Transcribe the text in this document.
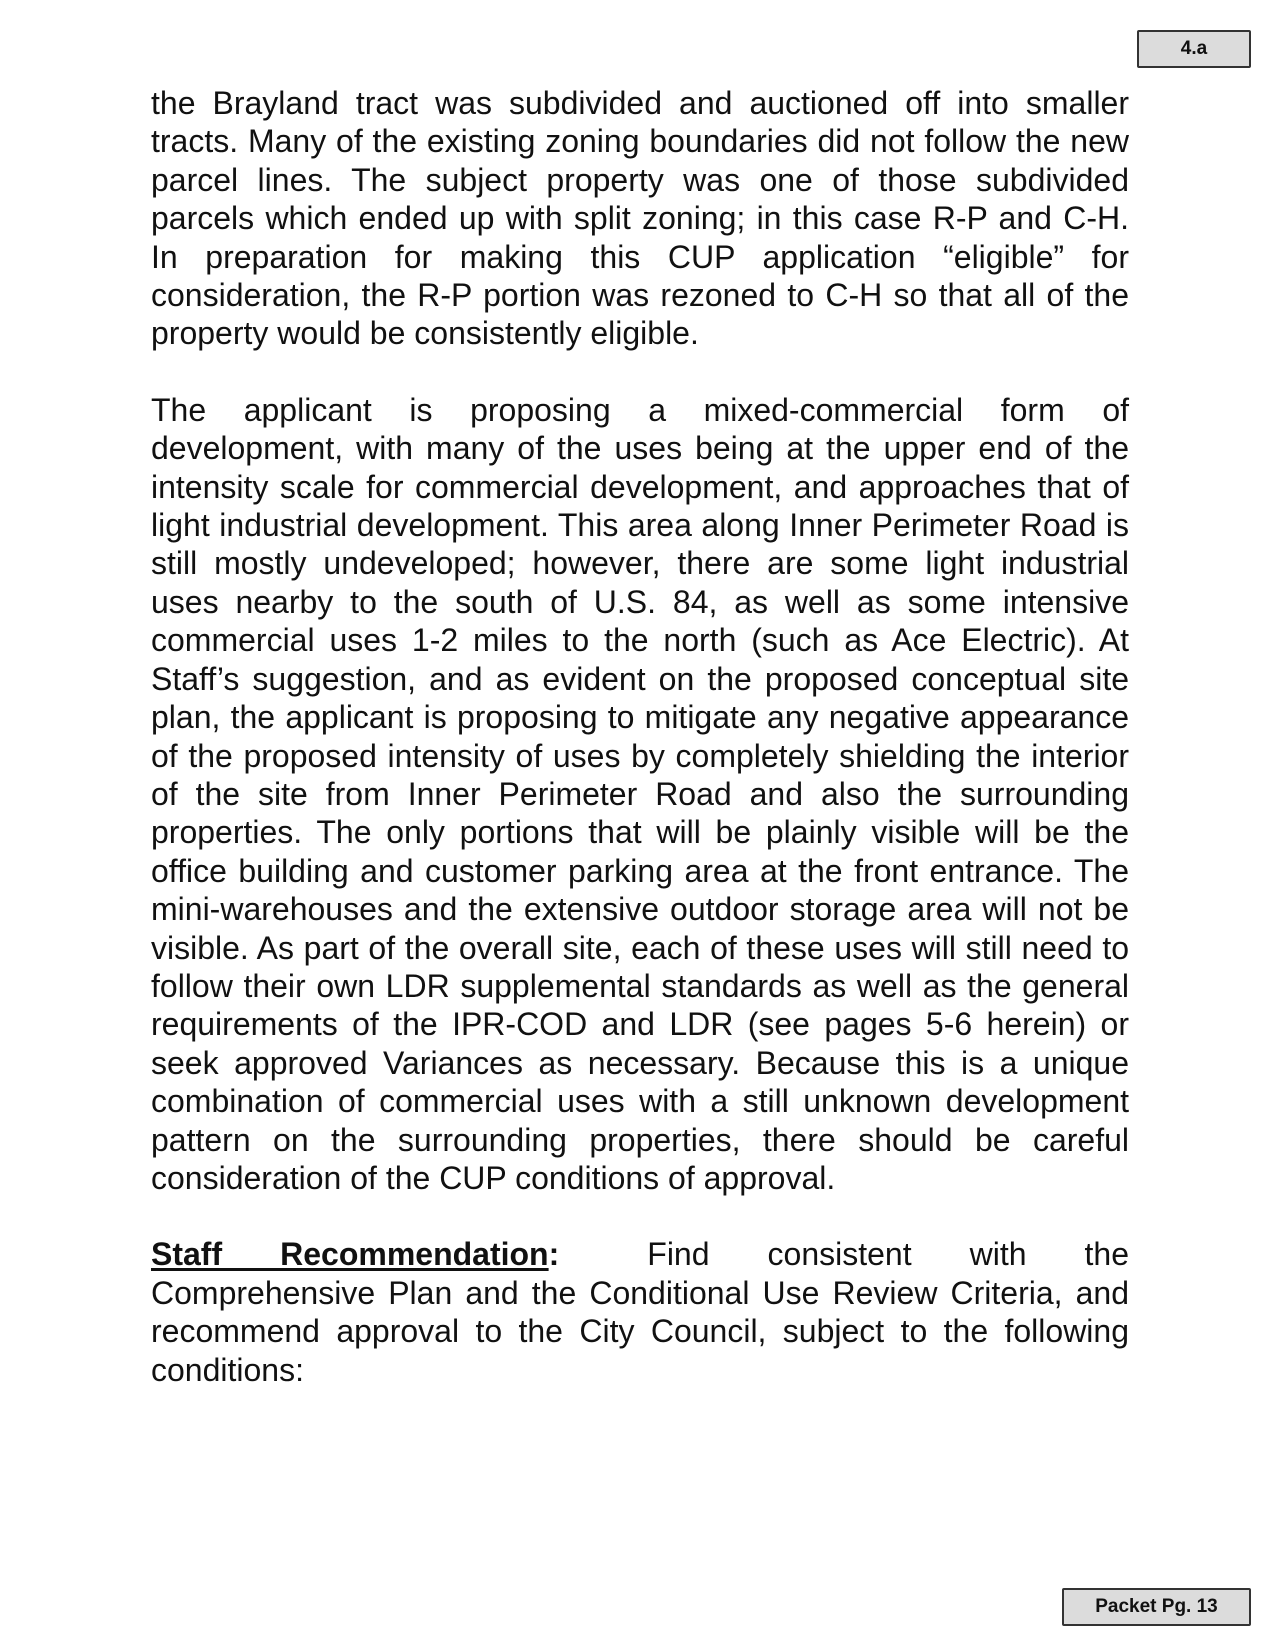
4.a

the Brayland tract was subdivided and auctioned off into smaller tracts. Many of the existing zoning boundaries did not follow the new parcel lines. The subject property was one of those subdivided parcels which ended up with split zoning; in this case R-P and C-H. In preparation for making this CUP application “eligible” for consideration, the R-P portion was rezoned to C-H so that all of the property would be consistently eligible.

The applicant is proposing a mixed-commercial form of development, with many of the uses being at the upper end of the intensity scale for commercial development, and approaches that of light industrial development. This area along Inner Perimeter Road is still mostly undeveloped; however, there are some light industrial uses nearby to the south of U.S. 84, as well as some intensive commercial uses 1-2 miles to the north (such as Ace Electric). At Staff’s suggestion, and as evident on the proposed conceptual site plan, the applicant is proposing to mitigate any negative appearance of the proposed intensity of uses by completely shielding the interior of the site from Inner Perimeter Road and also the surrounding properties. The only portions that will be plainly visible will be the office building and customer parking area at the front entrance. The mini-warehouses and the extensive outdoor storage area will not be visible. As part of the overall site, each of these uses will still need to follow their own LDR supplemental standards as well as the general requirements of the IPR-COD and LDR (see pages 5-6 herein) or seek approved Variances as necessary. Because this is a unique combination of commercial uses with a still unknown development pattern on the surrounding properties, there should be careful consideration of the CUP conditions of approval.

Staff Recommendation:	Find consistent with the Comprehensive Plan and the Conditional Use Review Criteria, and recommend approval to the City Council, subject to the following conditions:

Packet Pg. 13
